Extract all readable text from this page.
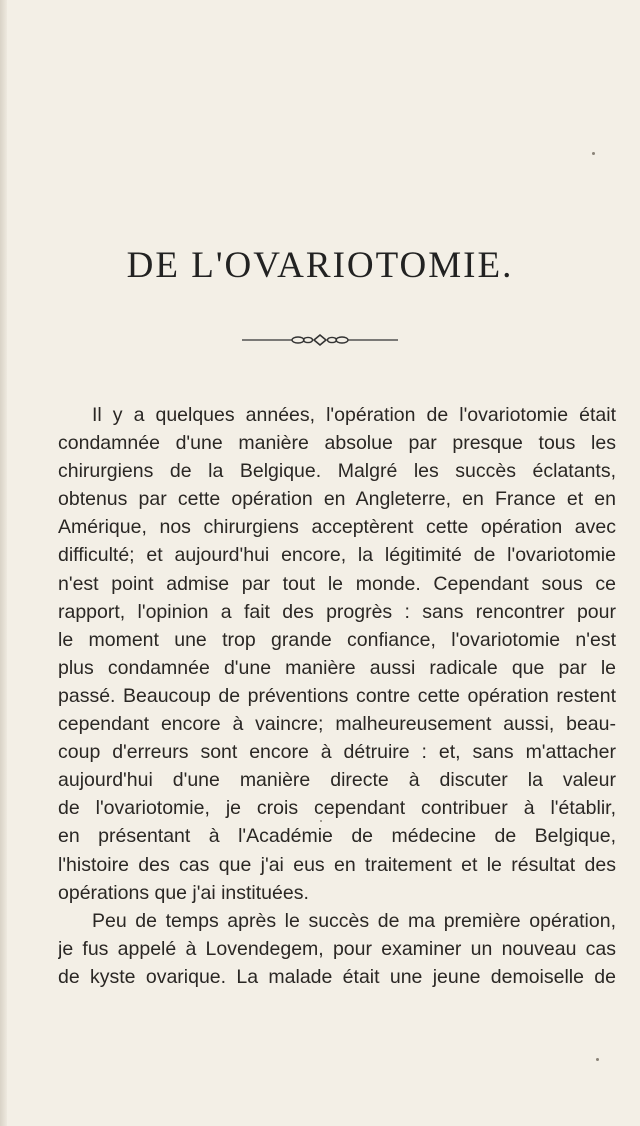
DE L'OVARIOTOMIE.
Il y a quelques années, l'opération de l'ovariotomie était
condamnée d'une manière absolue par presque tous les
chirurgiens de la Belgique. Malgré les succès éclatants,
obtenus par cette opération en Angleterre, en France et en
Amérique, nos chirurgiens acceptèrent cette opération avec
difficulté; et aujourd'hui encore, la légitimité de l'ovariotomie
n'est point admise par tout le monde. Cependant sous ce
rapport, l'opinion a fait des progrès : sans rencontrer pour
le moment une trop grande confiance, l'ovariotomie n'est
plus condamnée d'une manière aussi radicale que par le
passé. Beaucoup de préventions contre cette opération restent
cependant encore à vaincre; malheureusement aussi, beau-
coup d'erreurs sont encore à détruire : et, sans m'attacher
aujourd'hui d'une manière directe à discuter la valeur
de l'ovariotomie, je crois cependant contribuer à l'établir,
en présentant à l'Académie de médecine de Belgique,
l'histoire des cas que j'ai eus en traitement et le résultat des
opérations que j'ai instituées.
Peu de temps après le succès de ma première opération,
je fus appelé à Lovendegem, pour examiner un nouveau cas
de kyste ovarique. La malade était une jeune demoiselle de
